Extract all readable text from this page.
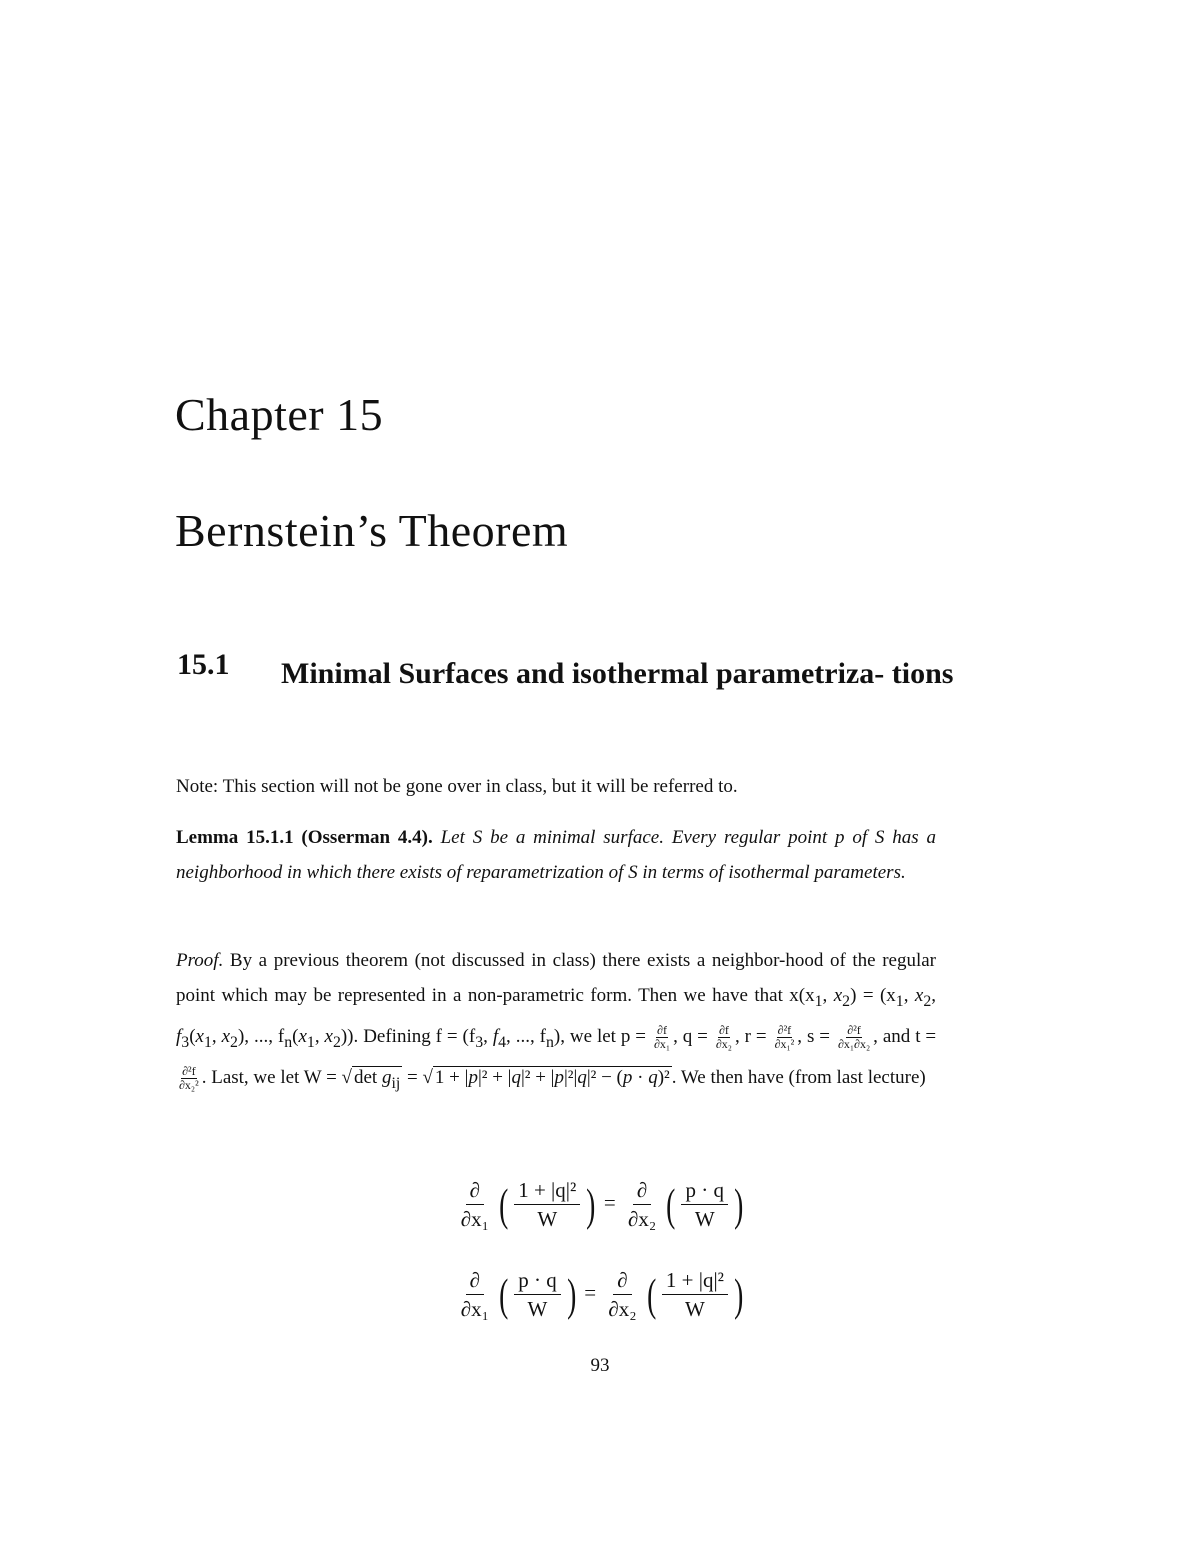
Chapter 15
Bernstein’s Theorem
15.1 Minimal Surfaces and isothermal parametriza- tions
Note: This section will not be gone over in class, but it will be referred to.
Lemma 15.1.1 (Osserman 4.4). Let S be a minimal surface. Every regular point p of S has a neighborhood in which there exists of reparametrization of S in terms of isothermal parameters.
Proof. By a previous theorem (not discussed in class) there exists a neighbor-hood of the regular point which may be represented in a non-parametric form. Then we have that $x(x_1$, $x_2) = (x_1$, $x_2$, $f_3(x_1$, $x_2$), ..., $f_n(x_1$, $x_2$)). Defining $f = (f_3$, $f_4$, ..., $f_n$), we let $p = \frac{\partial f}{\text{∂x₁}}$ , $q = \frac{\partial f}{\text{∂x₂}}$ , $r = \frac{\text{∂²f}}{\text{∂x₁²}}$ , $s = \frac{\text{∂²f}}{\text{∂x₁∂x₂}}$ , and t =
$\frac{\text{∂²f}}{\text{∂x₂²}}$ . Last, we let W = √ $\det g_{ij}$ = √ 1 + |p|² + |q|² + |p|²|q|² − (p · q)² . We then have (from last lecture)
$\frac{\partial}{\text{∂x₁}}$ ( $\frac{\text{1 + |q|²}}{W}$ ) = $\frac{\partial}{\text{∂x₂}}$ ( $\frac{p \cdot q}{W}$ )
$\frac{\partial}{\text{∂x₁}}$ ( $\frac{p \cdot q}{W}$ ) = $\frac{\partial}{\text{∂x₂}}$ ( $\frac{\text{1 + |q|²}}{W}$ )
93
